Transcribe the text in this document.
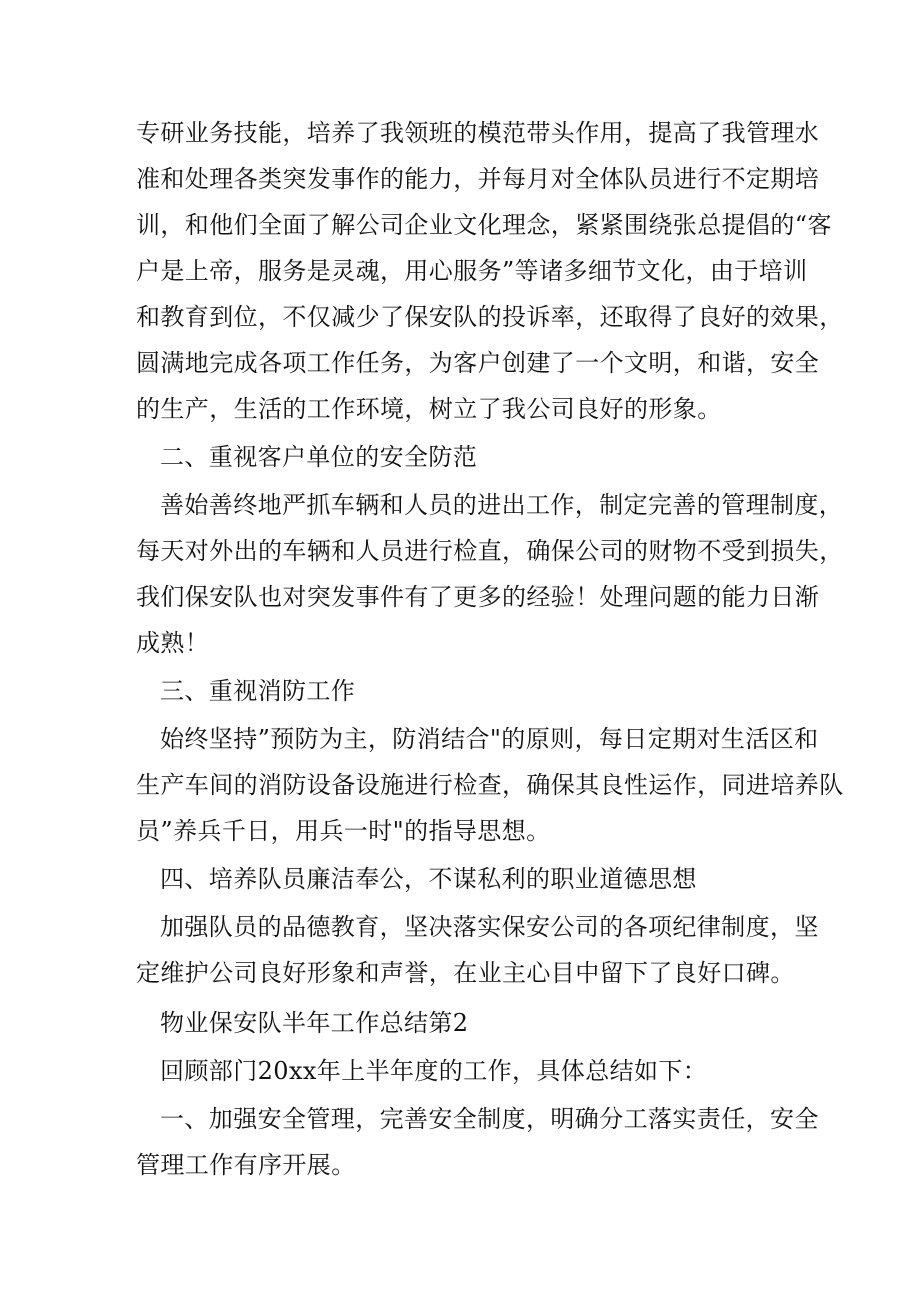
专研业务技能，培养了我领班的模范带头作用，提高了我管理水
准和处理各类突发事作的能力，并每月对全体队员进行不定期培
训，和他们全面了解公司企业文化理念，紧紧围绕张总提倡的“客
户是上帝，服务是灵魂，用心服务”等诸多细节文化，由于培训
和教育到位，不仅减少了保安队的投诉率，还取得了良好的效果，
圆满地完成各项工作任务，为客户创建了一个文明，和谐，安全
的生产，生活的工作环境，树立了我公司良好的形象。
二、重视客户单位的安全防范
善始善终地严抓车辆和人员的进出工作，制定完善的管理制度，
每天对外出的车辆和人员进行检直，确保公司的财物不受到损失，
我们保安队也对突发事件有了更多的经验！处理问题的能力日渐
成熟！
三、重视消防工作
始终坚持”预防为主，防消结合"的原则，每日定期对生活区和
生产车间的消防设备设施进行检查，确保其良性运作，同进培养队
员”养兵千日，用兵一时"的指导思想。
四、培养队员廉洁奉公，不谋私利的职业道德思想
加强队员的品德教育，坚决落实保安公司的各项纪律制度，坚
定维护公司良好形象和声誉，在业主心目中留下了良好口碑。
物业保安队半年工作总结第2
回顾部门20xx年上半年度的工作，具体总结如下：
一、加强安全管理，完善安全制度，明确分工落实责任，安全
管理工作有序开展。
